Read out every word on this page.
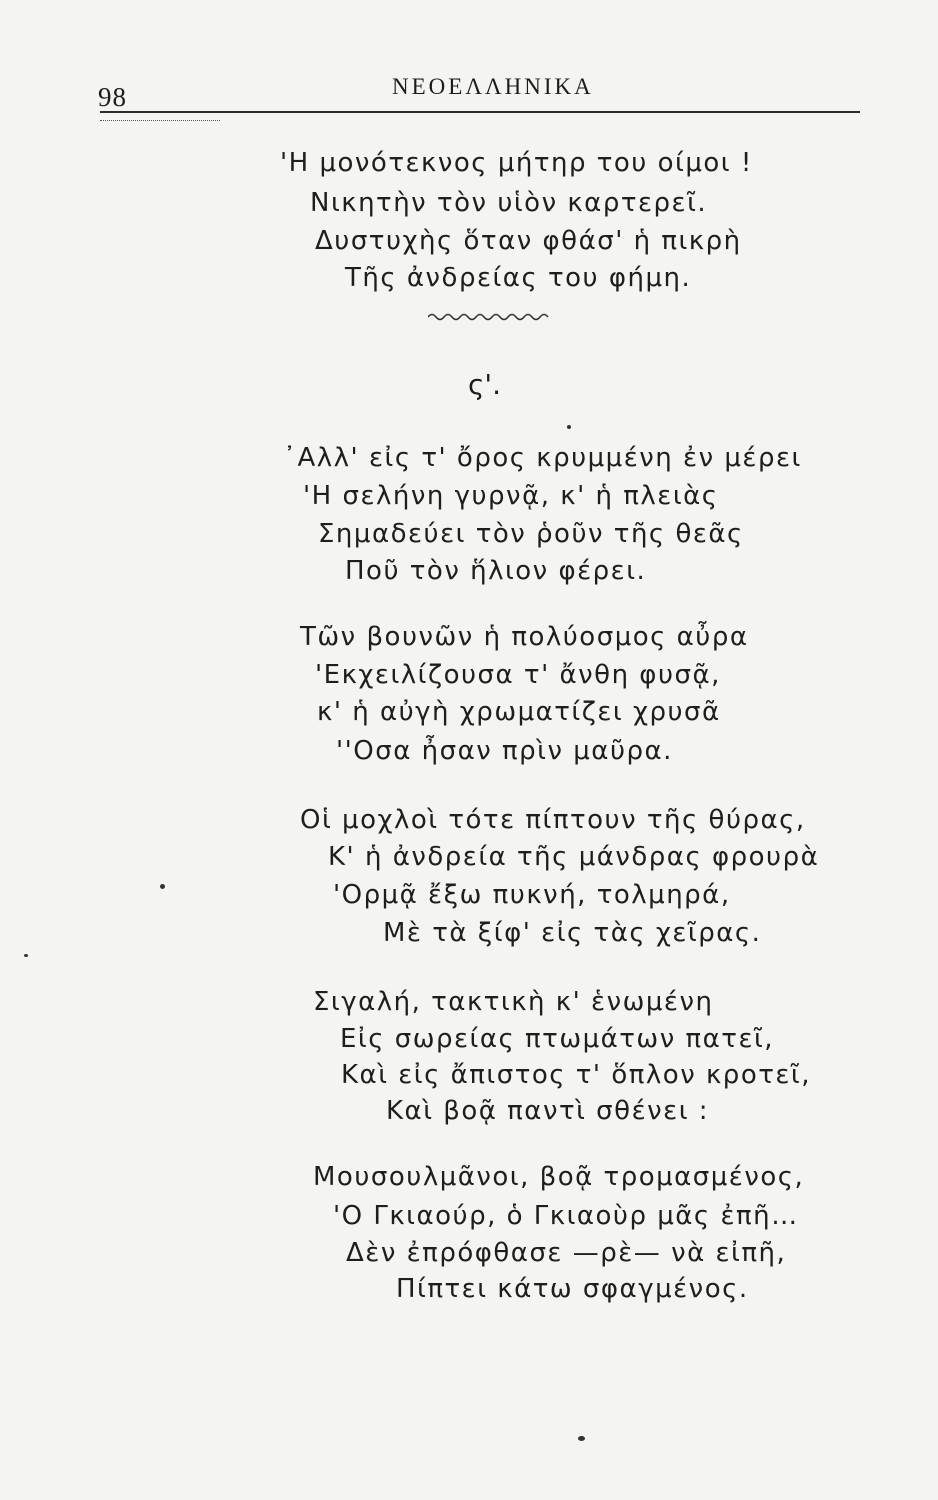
98	ΝΕΟΕΛΛΗΝΙΚΑ
'Η μονότεκνος μήτηρ του οίμοι !
Νικητὴν τὸν υἱὸν καρτερεῖ.
Δυστυχὴς ὅταν φθάσ' ἡ πικρὴ
Τῆς ἀνδρείας του φήμη.
ς'.
᾿Αλλ' εἰς τ' ὄρος κρυμμένη ἐν μέρει
'Η σελήνη γυρνᾷ, κ' ἡ πλειὰς
Σημαδεύει τὸν ῥοῦν τῆς θεᾶς
Ποῦ τὸν ἥλιον φέρει.
Τῶν βουνῶν ἡ πολύοσμος αὖρα
'Εκχειλίζουσα τ' ἄνθη φυσᾷ,
κ' ἡ αὐγὴ χρωματίζει χρυσᾶ
''Οσα ἦσαν πρὶν μαῦρα.
Οἱ μοχλοὶ τότε πίπτουν τῆς θύρας,
Κ' ἡ ἀνδρεία τῆς μάνδρας φρουρὰ
'Ορμᾷ ἔξω πυκνή, τολμηρά,
Μὲ τὰ ξίφ' εἰς τὰς χεῖρας.
Σιγαλή, τακτικὴ κ' ἑνωμένη
Εἰς σωρείας πτωμάτων πατεῖ,
Καὶ εἰς ἄπιστος τ' ὅπλον κροτεῖ,
Καὶ βοᾷ παντὶ σθένει :
Μουσουλμᾶνοι, βοᾷ τρομασμένος,
'Ο Γκιαούρ, ὁ Γκιαοὺρ μᾶς ἐπῆ…
Δὲν ἐπρόφθασε —ρὲ— νὰ εἰπῆ,
Πίπτει κάτω σφαγμένος.
